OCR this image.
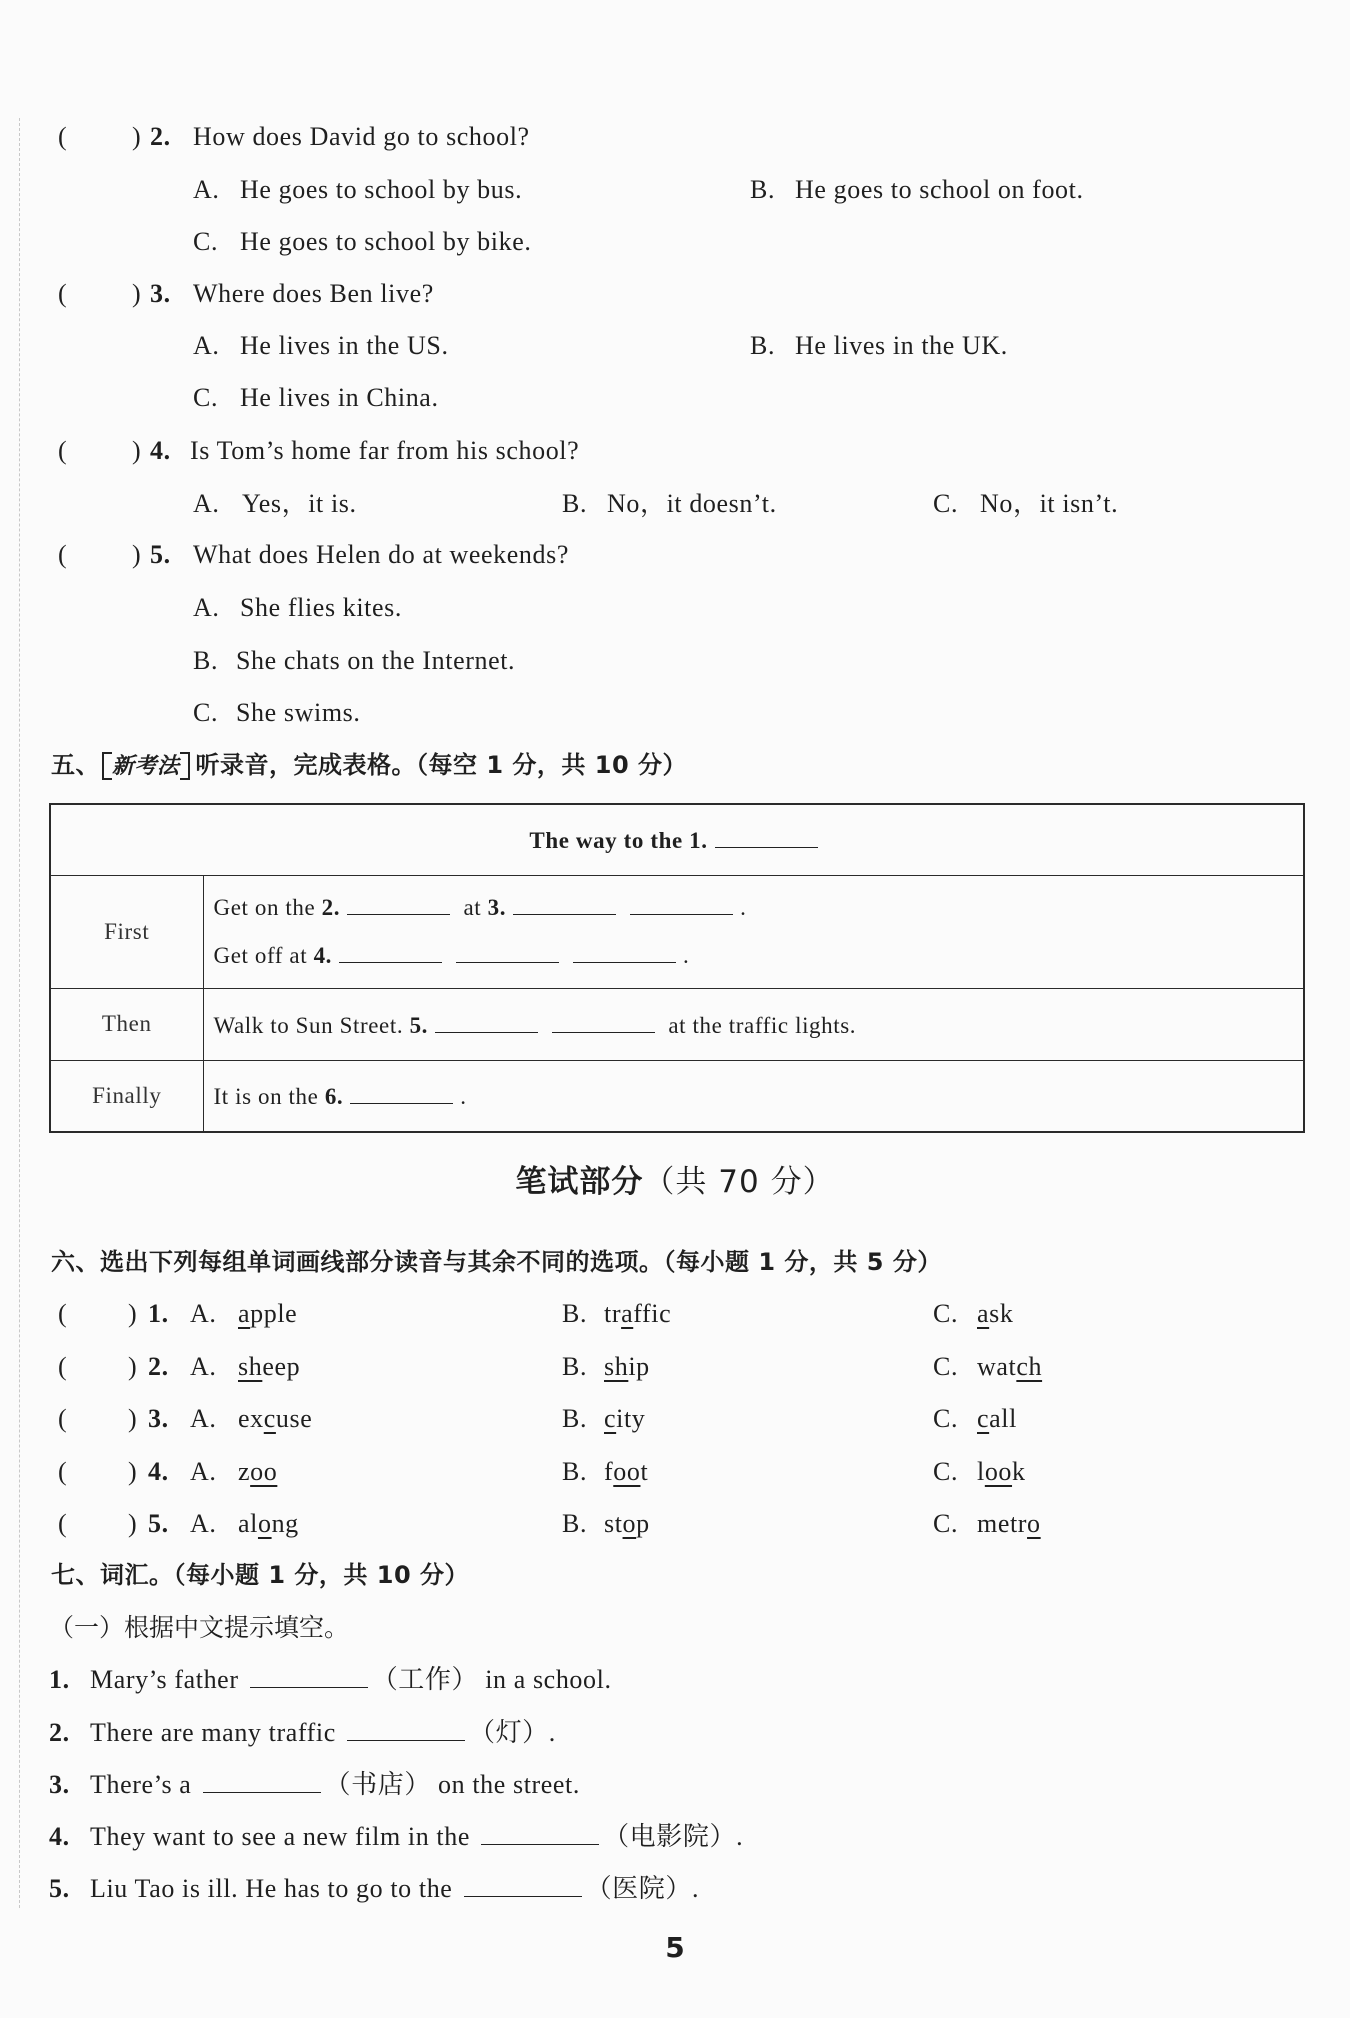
( ) 2. How does David go to school?
A. He goes to school by bus.	B. He goes to school on foot.
C. He goes to school by bike.
( ) 3. Where does Ben live?
A. He lives in the US.	B. He lives in the UK.
C. He lives in China.
( ) 4. Is Tom’s home far from his school?
A. Yes，it is.	B. No，it doesn’t.	C. No，it isn’t.
( ) 5. What does Helen do at weekends?
A. She flies kites.
B. She chats on the Internet.
C. She swims.
五、 新考法 听录音，完成表格。（每空 1 分，共 10 分）
The way to the 1.	
First	Get on the 2. at 3. .
Get off at 4. .

Then	Walk to Sun Street. 5. at the traffic lights.
Finally	It is on the 6. .
笔试部分（共 70 分）
六、选出下列每组单词画线部分读音与其余不同的选项。（每小题 1 分，共 5 分）
( ) 1. A. apple	B. traffic	C. ask
( ) 2. A. sheep	B. ship	C. watch
( ) 3. A. excuse	B. city	C. call
( ) 4. A. zoo	B. foot	C. look
( ) 5. A. along	B. stop	C. metro
七、词汇。（每小题 1 分，共 10 分）
（一）根据中文提示填空。
1. Mary’s father	（工作） in a school.
2. There are many traffic	（灯）.
3. There’s a	（书店） on the street.
4. They want to see a new film in the	（电影院）.
5. Liu Tao is ill. He has to go to the	（医院）.
5
